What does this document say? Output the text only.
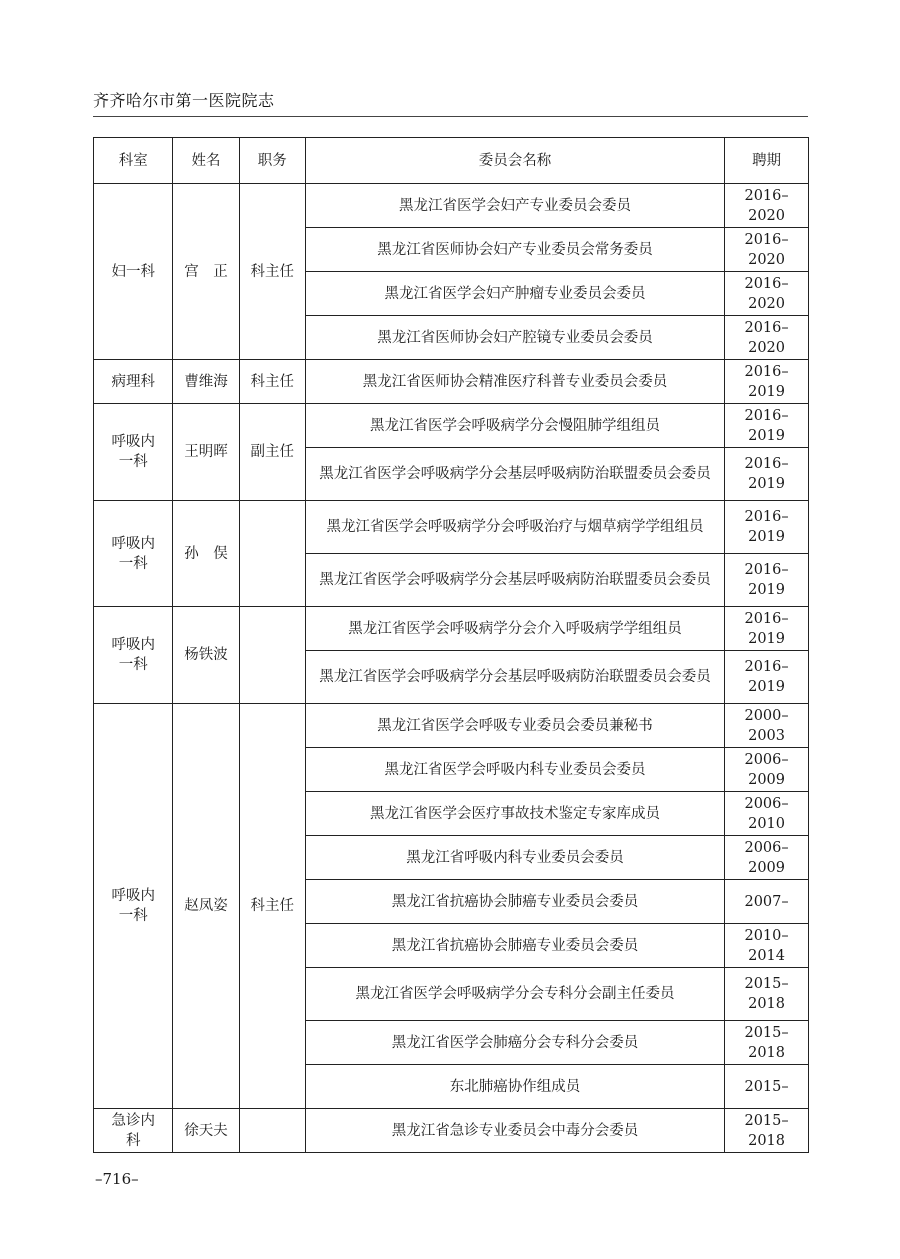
齐齐哈尔市第一医院院志
科室	姓名	职务	委员会名称	聘期
妇一科	宫　正	科主任	黑龙江省医学会妇产专业委员会委员	2016–2020
			黑龙江省医师协会妇产专业委员会常务委员	2016–2020
			黑龙江省医学会妇产肿瘤专业委员会委员	2016–2020
			黑龙江省医师协会妇产腔镜专业委员会委员	2016–2020
病理科	曹维海	科主任	黑龙江省医师协会精准医疗科普专业委员会委员	2016–2019
呼吸内一科	王明晖	副主任	黑龙江省医学会呼吸病学分会慢阻肺学组组员	2016–2019
			黑龙江省医学会呼吸病学分会基层呼吸病防治联盟委员会委员	2016–2019
呼吸内一科	孙　俣		黑龙江省医学会呼吸病学分会呼吸治疗与烟草病学学组组员	2016–2019
			黑龙江省医学会呼吸病学分会基层呼吸病防治联盟委员会委员	2016–2019
呼吸内一科	杨铁波		黑龙江省医学会呼吸病学分会介入呼吸病学学组组员	2016–2019
			黑龙江省医学会呼吸病学分会基层呼吸病防治联盟委员会委员	2016–2019
呼吸内一科	赵凤姿	科主任	黑龙江省医学会呼吸专业委员会委员兼秘书	2000–2003
			黑龙江省医学会呼吸内科专业委员会委员	2006–2009
			黑龙江省医学会医疗事故技术鉴定专家库成员	2006–2010
			黑龙江省呼吸内科专业委员会委员	2006–2009
			黑龙江省抗癌协会肺癌专业委员会委员	2007–
			黑龙江省抗癌协会肺癌专业委员会委员	2010–2014
			黑龙江省医学会呼吸病学分会专科分会副主任委员	2015–2018
			黑龙江省医学会肺癌分会专科分会委员	2015–2018
			东北肺癌协作组成员	2015–
急诊内科	徐天夫		黑龙江省急诊专业委员会中毒分会委员	2015–2018
–716–
